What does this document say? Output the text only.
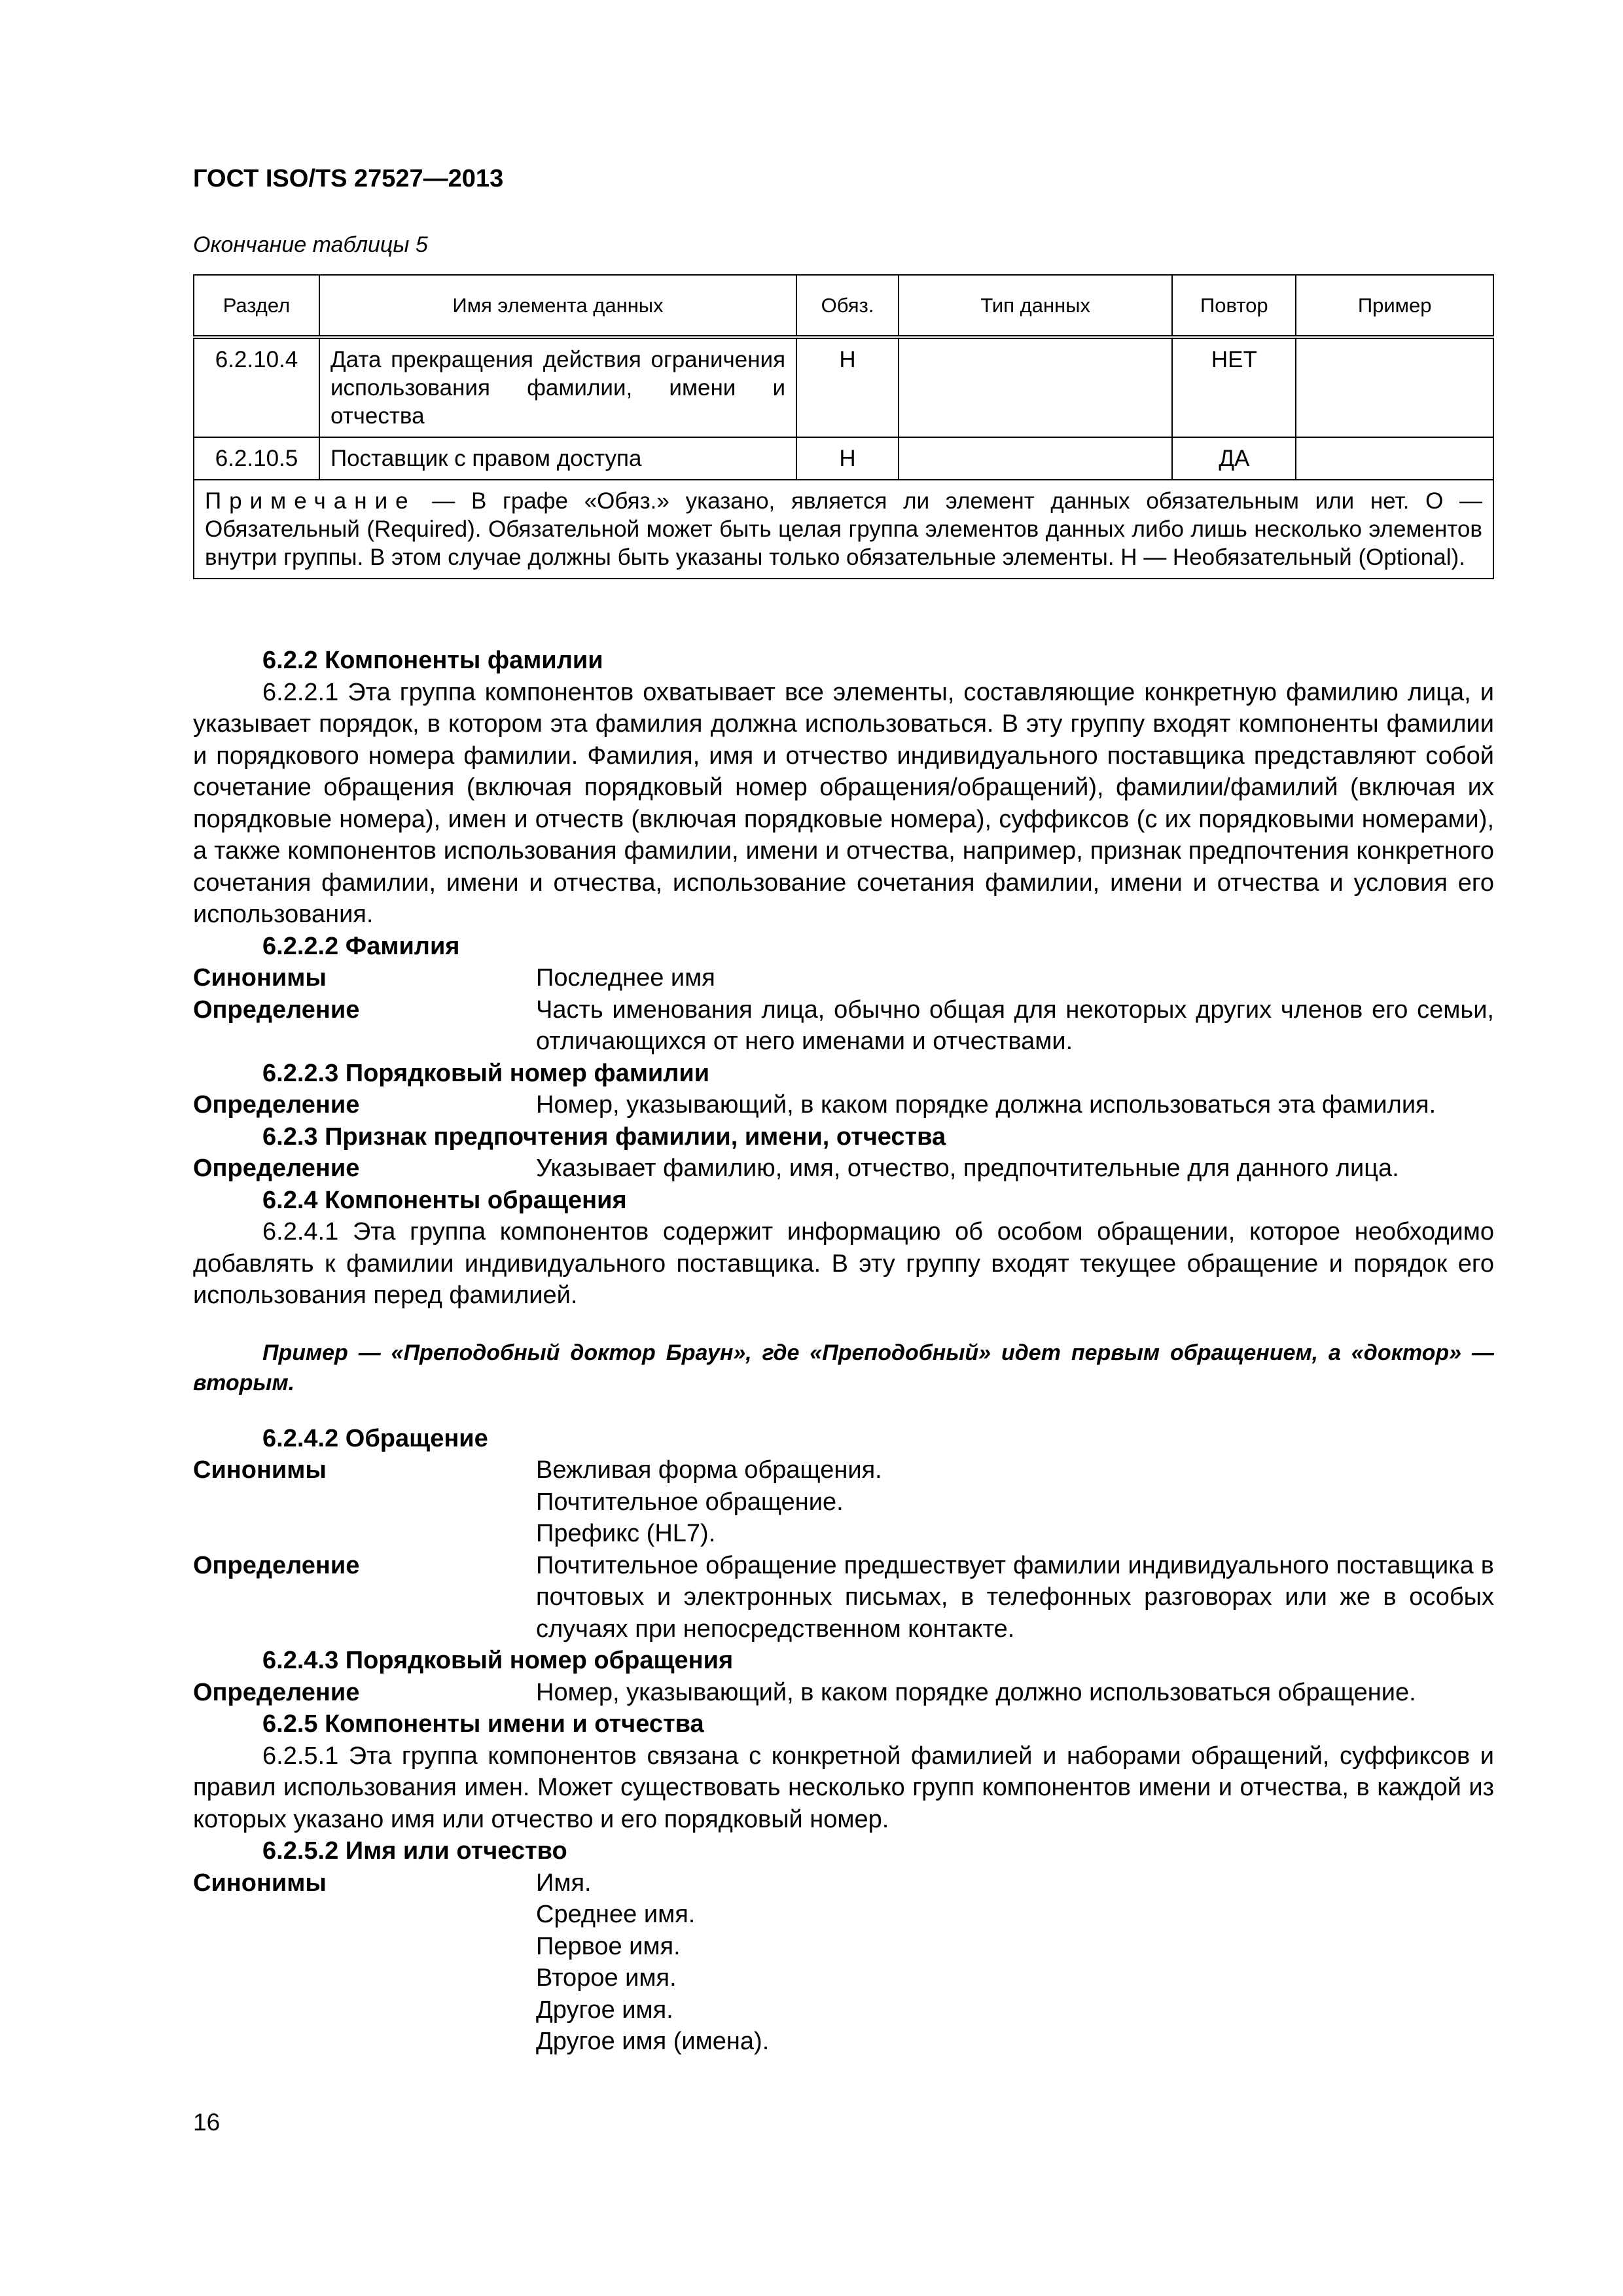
ГОСТ ISO/TS 27527—2013
Окончание таблицы 5
Раздел	Имя элемента данных	Обяз.	Тип данных	Повтор	Пример
6.2.10.4	Дата прекращения действия ограничения использования фамилии, имени и отчества	Н		НЕТ	
6.2.10.5	Поставщик с правом доступа	Н		ДА	
Примечание — В графе «Обяз.» указано, является ли элемент данных обязательным или нет. О — Обязательный (Required). Обязательной может быть целая группа элементов данных либо лишь несколько элементов внутри группы. В этом случае должны быть указаны только обязательные элементы. Н — Необязательный (Optional).					
6.2.2 Компоненты фамилии
6.2.2.1 Эта группа компонентов охватывает все элементы, составляющие конкретную фамилию лица, и указывает порядок, в котором эта фамилия должна использоваться. В эту группу входят компоненты фамилии и порядкового номера фамилии. Фамилия, имя и отчество индивидуального поставщика представляют собой сочетание обращения (включая порядковый номер обращения/обращений), фамилии/фамилий (включая их порядковые номера), имен и отчеств (включая порядковые номера), суффиксов (с их порядковыми номерами), а также компонентов использования фамилии, имени и отчества, например, признак предпочтения конкретного сочетания фамилии, имени и отчества, использование сочетания фамилии, имени и отчества и условия его использования.
6.2.2.2 Фамилия
Синонимы	Последнее имя
Определение	Часть именования лица, обычно общая для некоторых других членов его семьи, отличающихся от него именами и отчествами.
6.2.2.3 Порядковый номер фамилии
Определение	Номер, указывающий, в каком порядке должна использоваться эта фамилия.
6.2.3 Признак предпочтения фамилии, имени, отчества
Определение	Указывает фамилию, имя, отчество, предпочтительные для данного лица.
6.2.4 Компоненты обращения
6.2.4.1 Эта группа компонентов содержит информацию об особом обращении, которое необходимо добавлять к фамилии индивидуального поставщика. В эту группу входят текущее обращение и порядок его использования перед фамилией.
Пример — «Преподобный доктор Браун», где «Преподобный» идет первым обращением, а «доктор» — вторым.
6.2.4.2 Обращение
Синонимы	Вежливая форма обращения.
Почтительное обращение.
Префикс (HL7).
Определение	Почтительное обращение предшествует фамилии индивидуального поставщика в почтовых и электронных письмах, в телефонных разговорах или же в особых случаях при непосредственном контакте.
6.2.4.3 Порядковый номер обращения
Определение	Номер, указывающий, в каком порядке должно использоваться обращение.
6.2.5 Компоненты имени и отчества
6.2.5.1 Эта группа компонентов связана с конкретной фамилией и наборами обращений, суффиксов и правил использования имен. Может существовать несколько групп компонентов имени и отчества, в каждой из которых указано имя или отчество и его порядковый номер.
6.2.5.2 Имя или отчество
Синонимы	Имя.
Среднее имя.
Первое имя.
Второе имя.
Другое имя.
Другое имя (имена).
16
